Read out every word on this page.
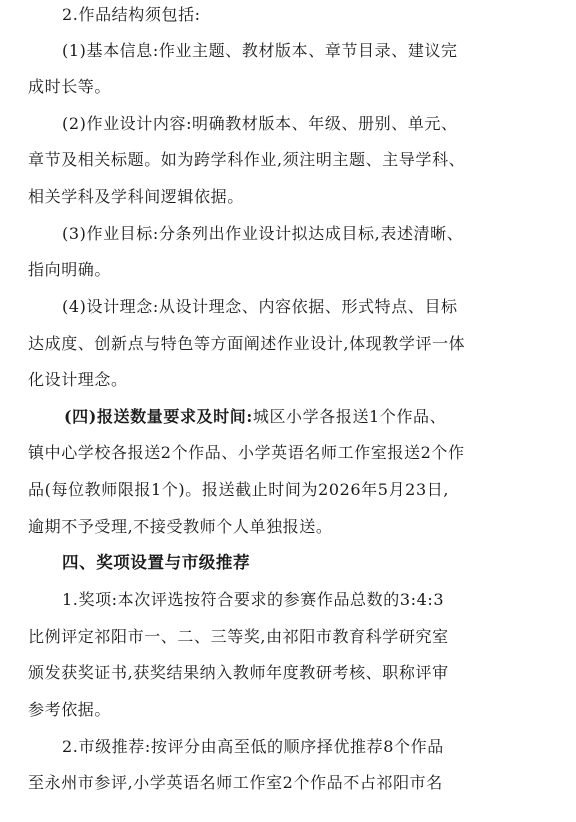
2.作品结构须包括:
(1)基本信息:作业主题、教材版本、章节目录、建议完
成时长等。
(2)作业设计内容:明确教材版本、年级、册别、单元、
章节及相关标题。如为跨学科作业,须注明主题、主导学科、
相关学科及学科间逻辑依据。
(3)作业目标:分条列出作业设计拟达成目标,表述清晰、
指向明确。
(4)设计理念:从设计理念、内容依据、形式特点、目标
达成度、创新点与特色等方面阐述作业设计,体现教学评一体
化设计理念。
(四)报送数量要求及时间:城区小学各报送1个作品、
镇中心学校各报送2个作品、小学英语名师工作室报送2个作
品(每位教师限报1个)。报送截止时间为2026年5月23日,
逾期不予受理,不接受教师个人单独报送。
四、奖项设置与市级推荐
1.奖项:本次评选按符合要求的参赛作品总数的3:4:3
比例评定祁阳市一、二、三等奖,由祁阳市教育科学研究室
颁发获奖证书,获奖结果纳入教师年度教研考核、职称评审
参考依据。
2.市级推荐:按评分由高至低的顺序择优推荐8个作品
至永州市参评,小学英语名师工作室2个作品不占祁阳市名
